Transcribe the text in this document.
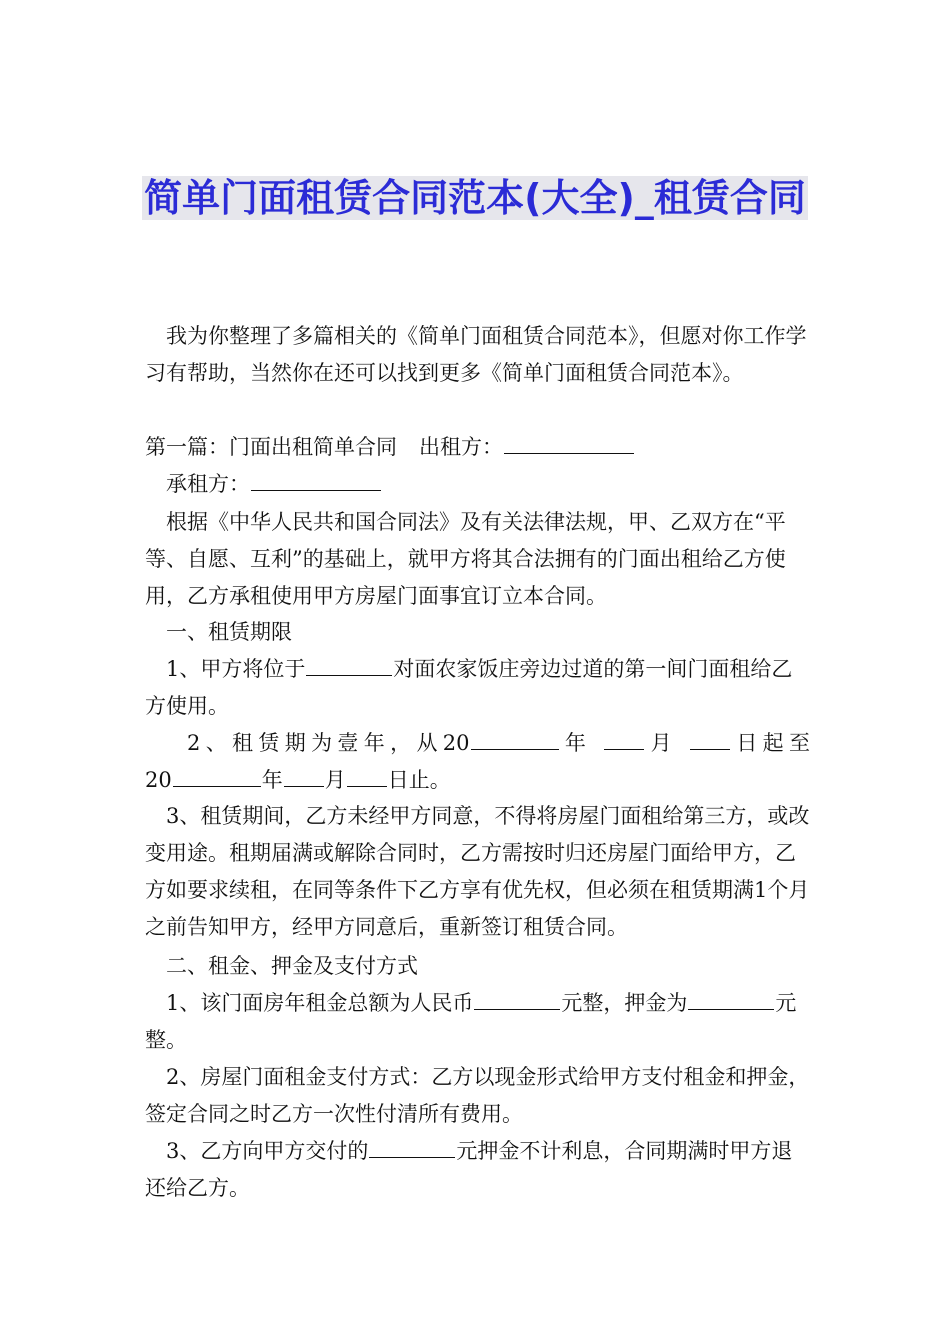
简单门面租赁合同范本(大全)_租赁合同

我为你整理了多篇相关的《简单门面租赁合同范本》，但愿对你工作学习有帮助，当然你在还可以找到更多《简单门面租赁合同范本》。

第一篇：门面出租简单合同 出租方：

承租方：

根据《中华人民共和国合同法》及有关法律法规，甲、乙双方在“平等、自愿、互利”的基础上，就甲方将其合法拥有的门面出租给乙方使用，乙方承租使用甲方房屋门面事宜订立本合同。

一、租赁期限

1、甲方将位于	对面农家饭庄旁边过道的第一间门面租给乙方使用。

2、租赁期为壹年，从20	年	月	日起至
20	年 月 日止。

3、租赁期间，乙方未经甲方同意，不得将房屋门面租给第三方，或改变用途。租期届满或解除合同时，乙方需按时归还房屋门面给甲方，乙方如要求续租，在同等条件下乙方享有优先权，但必须在租赁期满1个月之前告知甲方，经甲方同意后，重新签订租赁合同。

二、租金、押金及支付方式

1、该门面房年租金总额为人民币	元整，押金为	元整。

2、房屋门面租金支付方式：乙方以现金形式给甲方支付租金和押金，签定合同之时乙方一次性付清所有费用。

3、乙方向甲方交付的	元押金不计利息，合同期满时甲方退还给乙方。
